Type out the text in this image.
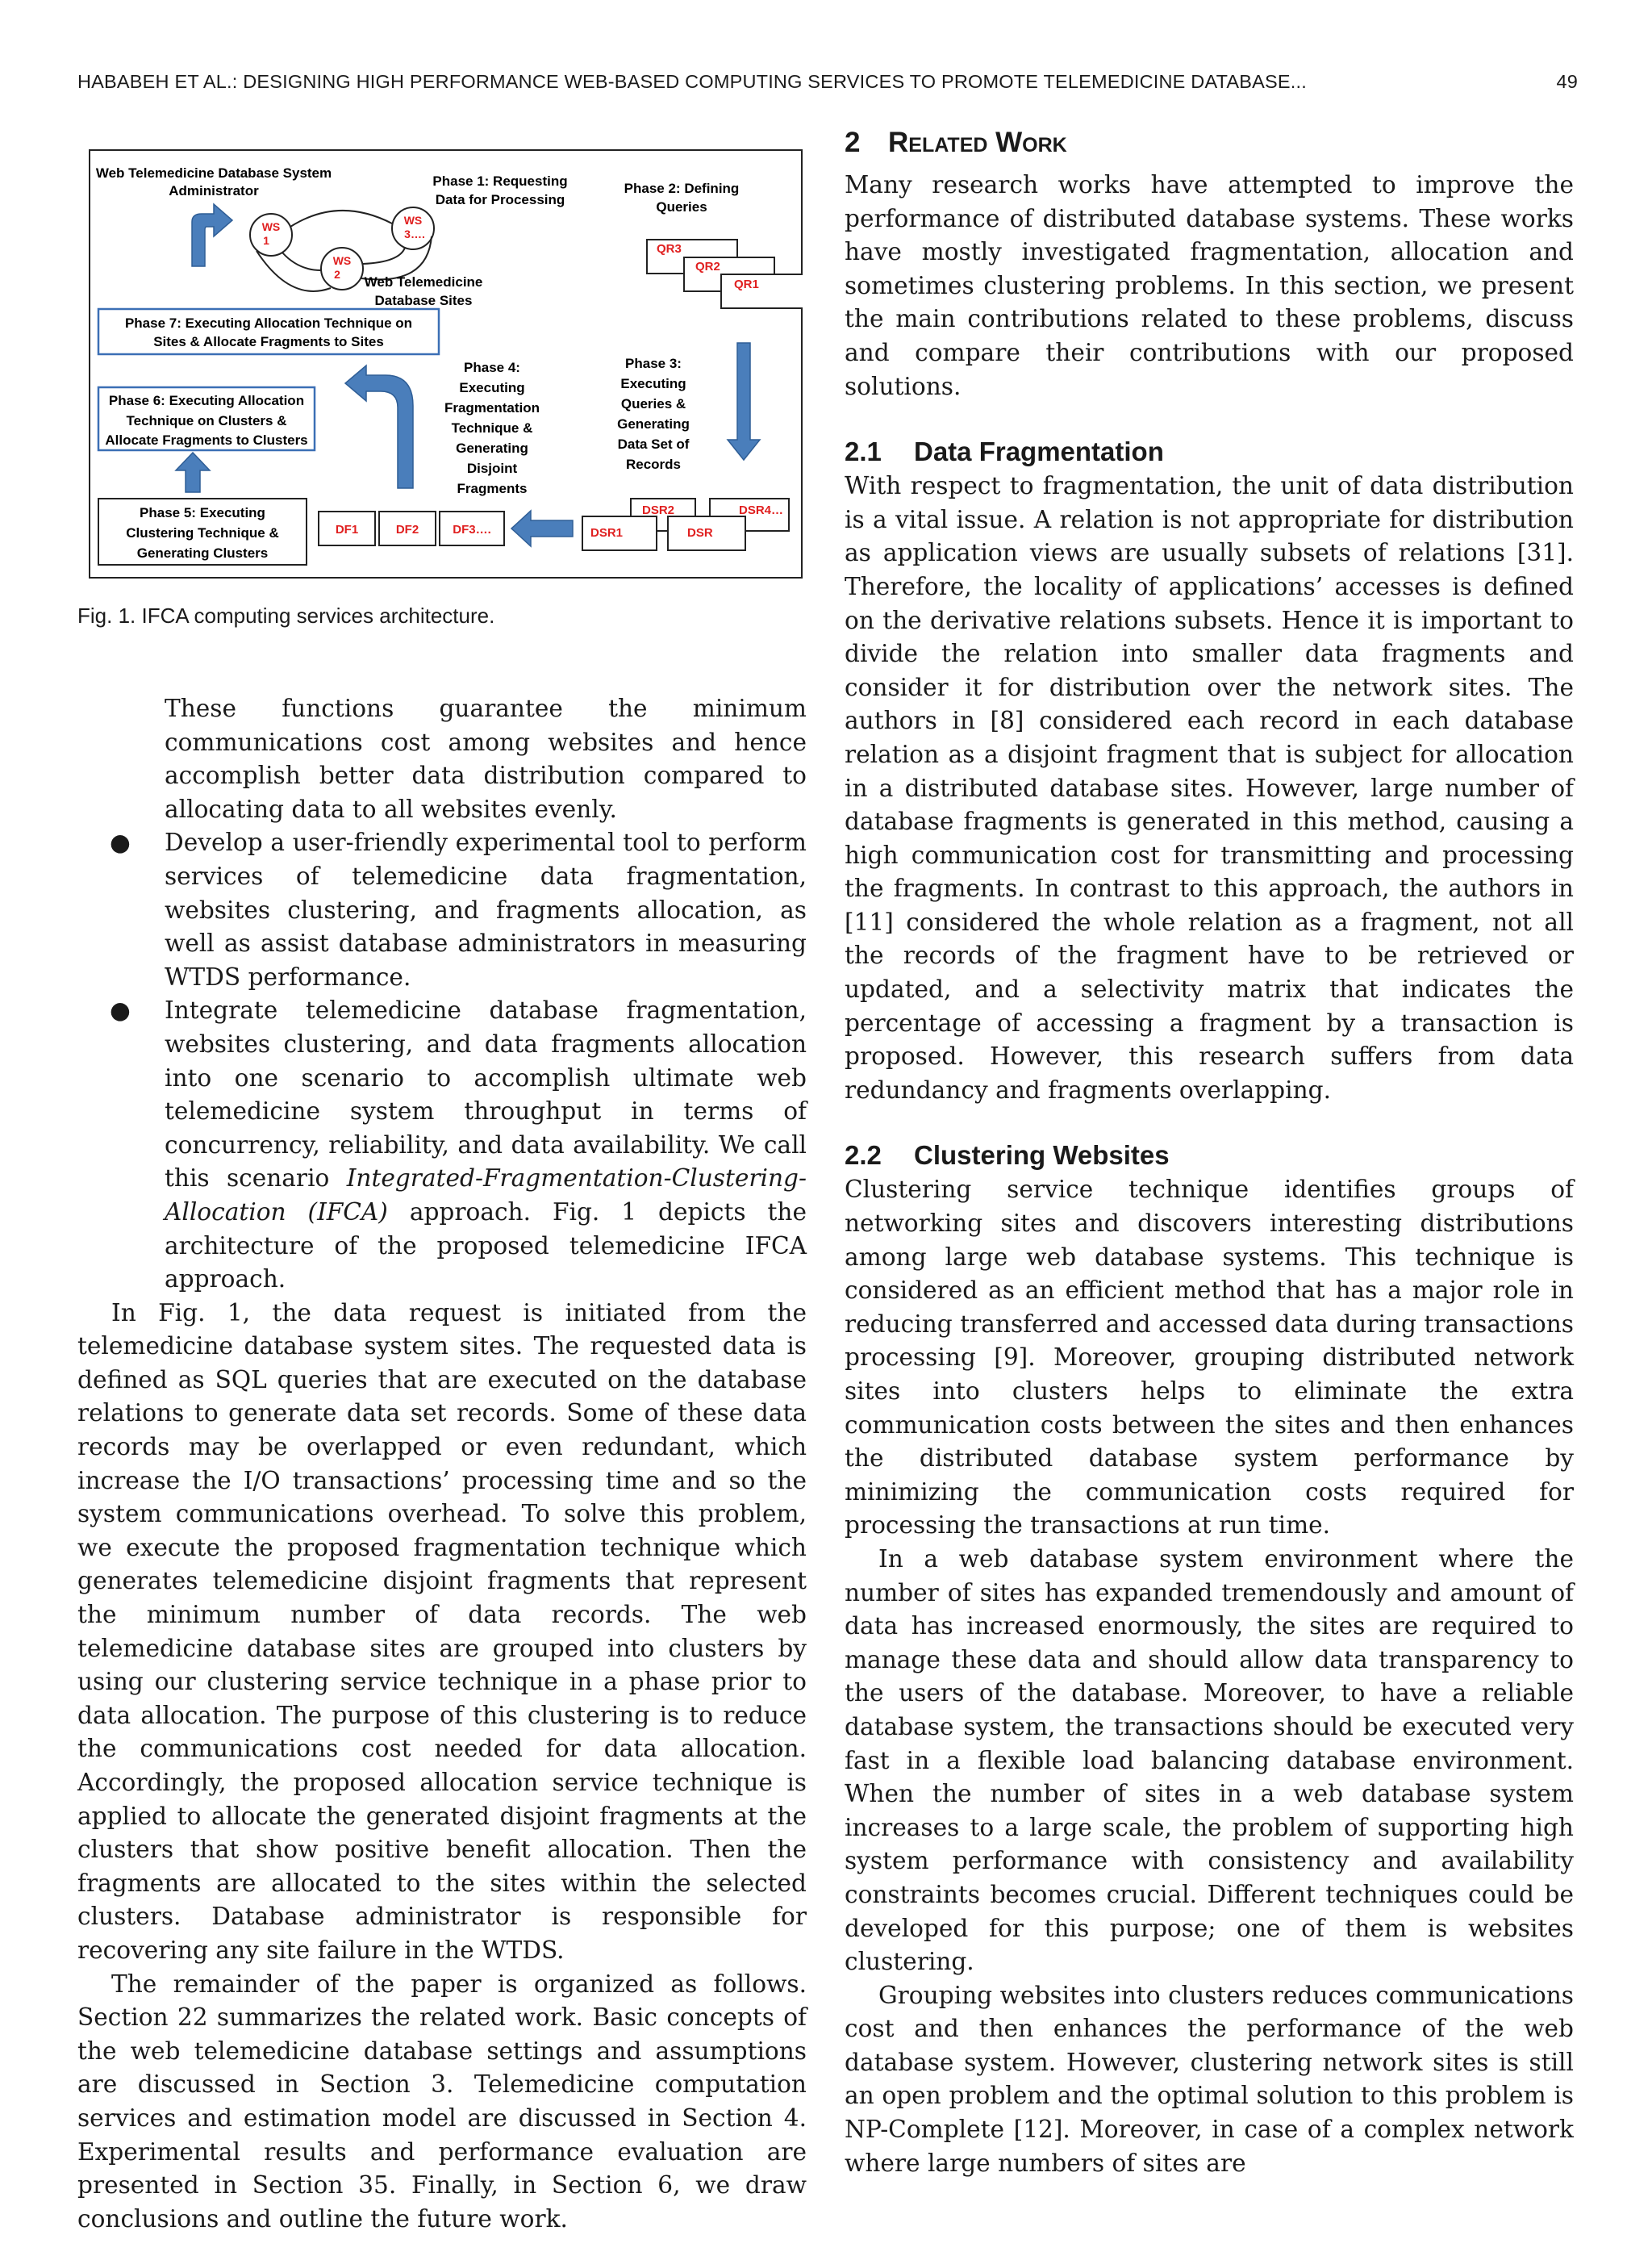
HABABEH ET AL.: DESIGNING HIGH PERFORMANCE WEB-BASED COMPUTING SERVICES TO PROMOTE TELEMEDICINE DATABASE...	49
Web Telemedicine Database System
Administrator
WS
1
WS
2
WS
3….
Web Telemedicine
Database Sites
Phase 1: Requesting
Data for Processing
Phase 2: Defining
Queries
QR3
QR2
QR1
Phase 7: Executing Allocation Technique on
Sites & Allocate Fragments to Sites
Phase 3:
Executing
Queries &
Generating
Data Set of
Records
Phase 4:
Executing
Fragmentation
Technique &
Generating
Disjoint
Fragments
Phase 6: Executing Allocation
Technique on Clusters &
Allocate Fragments to Clusters
Phase 5: Executing
Clustering Technique &
Generating Clusters
DF1	DF2	DF3….
DSR2	DSR4…
DSR1	DSR
Fig. 1. IFCA computing services architecture.

These functions guarantee the minimum communications cost among websites and hence accomplish better data distribution compared to allocating data to all websites evenly.

● Develop a user-friendly experimental tool to perform services of telemedicine data fragmentation, websites clustering, and fragments allocation, as well as assist database administrators in measuring WTDS performance.

● Integrate telemedicine database fragmentation, websites clustering, and data fragments allocation into one scenario to accomplish ultimate web telemedicine system throughput in terms of concurrency, reliability, and data availability. We call this scenario Integrated-Fragmentation-Clustering-Allocation (IFCA) approach. Fig. 1 depicts the architecture of the proposed telemedicine IFCA approach.

In Fig. 1, the data request is initiated from the telemedicine database system sites. The requested data is defined as SQL queries that are executed on the database relations to generate data set records. Some of these data records may be overlapped or even redundant, which increase the I/O transactions’ processing time and so the system communications overhead. To solve this problem, we execute the proposed fragmentation technique which generates telemedicine disjoint fragments that represent the minimum number of data records. The web telemedicine database sites are grouped into clusters by using our clustering service technique in a phase prior to data allocation. The purpose of this clustering is to reduce the communications cost needed for data allocation. Accordingly, the proposed allocation service technique is applied to allocate the generated disjoint fragments at the clusters that show positive benefit allocation. Then the fragments are allocated to the sites within the selected clusters. Database administrator is responsible for recovering any site failure in the WTDS.

The remainder of the paper is organized as follows. Section 22 summarizes the related work. Basic concepts of the web telemedicine database settings and assumptions are discussed in Section 3. Telemedicine computation services and estimation model are discussed in Section 4. Experimental results and performance evaluation are presented in Section 35. Finally, in Section 6, we draw conclusions and outline the future work.

2 Related Work

Many research works have attempted to improve the performance of distributed database systems. These works have mostly investigated fragmentation, allocation and sometimes clustering problems. In this section, we present the main contributions related to these problems, discuss and compare their contributions with our proposed solutions.

2.1 Data Fragmentation

With respect to fragmentation, the unit of data distribution is a vital issue. A relation is not appropriate for distribution as application views are usually subsets of relations [31]. Therefore, the locality of applications’ accesses is defined on the derivative relations subsets. Hence it is important to divide the relation into smaller data fragments and consider it for distribution over the network sites. The authors in [8] considered each record in each database relation as a disjoint fragment that is subject for allocation in a distributed database sites. However, large number of database fragments is generated in this method, causing a high communication cost for transmitting and processing the fragments. In contrast to this approach, the authors in [11] considered the whole relation as a fragment, not all the records of the fragment have to be retrieved or updated, and a selectivity matrix that indicates the percentage of accessing a fragment by a transaction is proposed. However, this research suffers from data redundancy and fragments overlapping.

2.2 Clustering Websites

Clustering service technique identifies groups of networking sites and discovers interesting distributions among large web database systems. This technique is considered as an efficient method that has a major role in reducing transferred and accessed data during transactions processing [9]. Moreover, grouping distributed network sites into clusters helps to eliminate the extra communication costs between the sites and then enhances the distributed database system performance by minimizing the communication costs required for processing the transactions at run time.

In a web database system environment where the number of sites has expanded tremendously and amount of data has increased enormously, the sites are required to manage these data and should allow data transparency to the users of the database. Moreover, to have a reliable database system, the transactions should be executed very fast in a flexible load balancing database environment. When the number of sites in a web database system increases to a large scale, the problem of supporting high system performance with consistency and availability constraints becomes crucial. Different techniques could be developed for this purpose; one of them is websites clustering.

Grouping websites into clusters reduces communications cost and then enhances the performance of the web database system. However, clustering network sites is still an open problem and the optimal solution to this problem is NP-Complete [12]. Moreover, in case of a complex network where large numbers of sites are
